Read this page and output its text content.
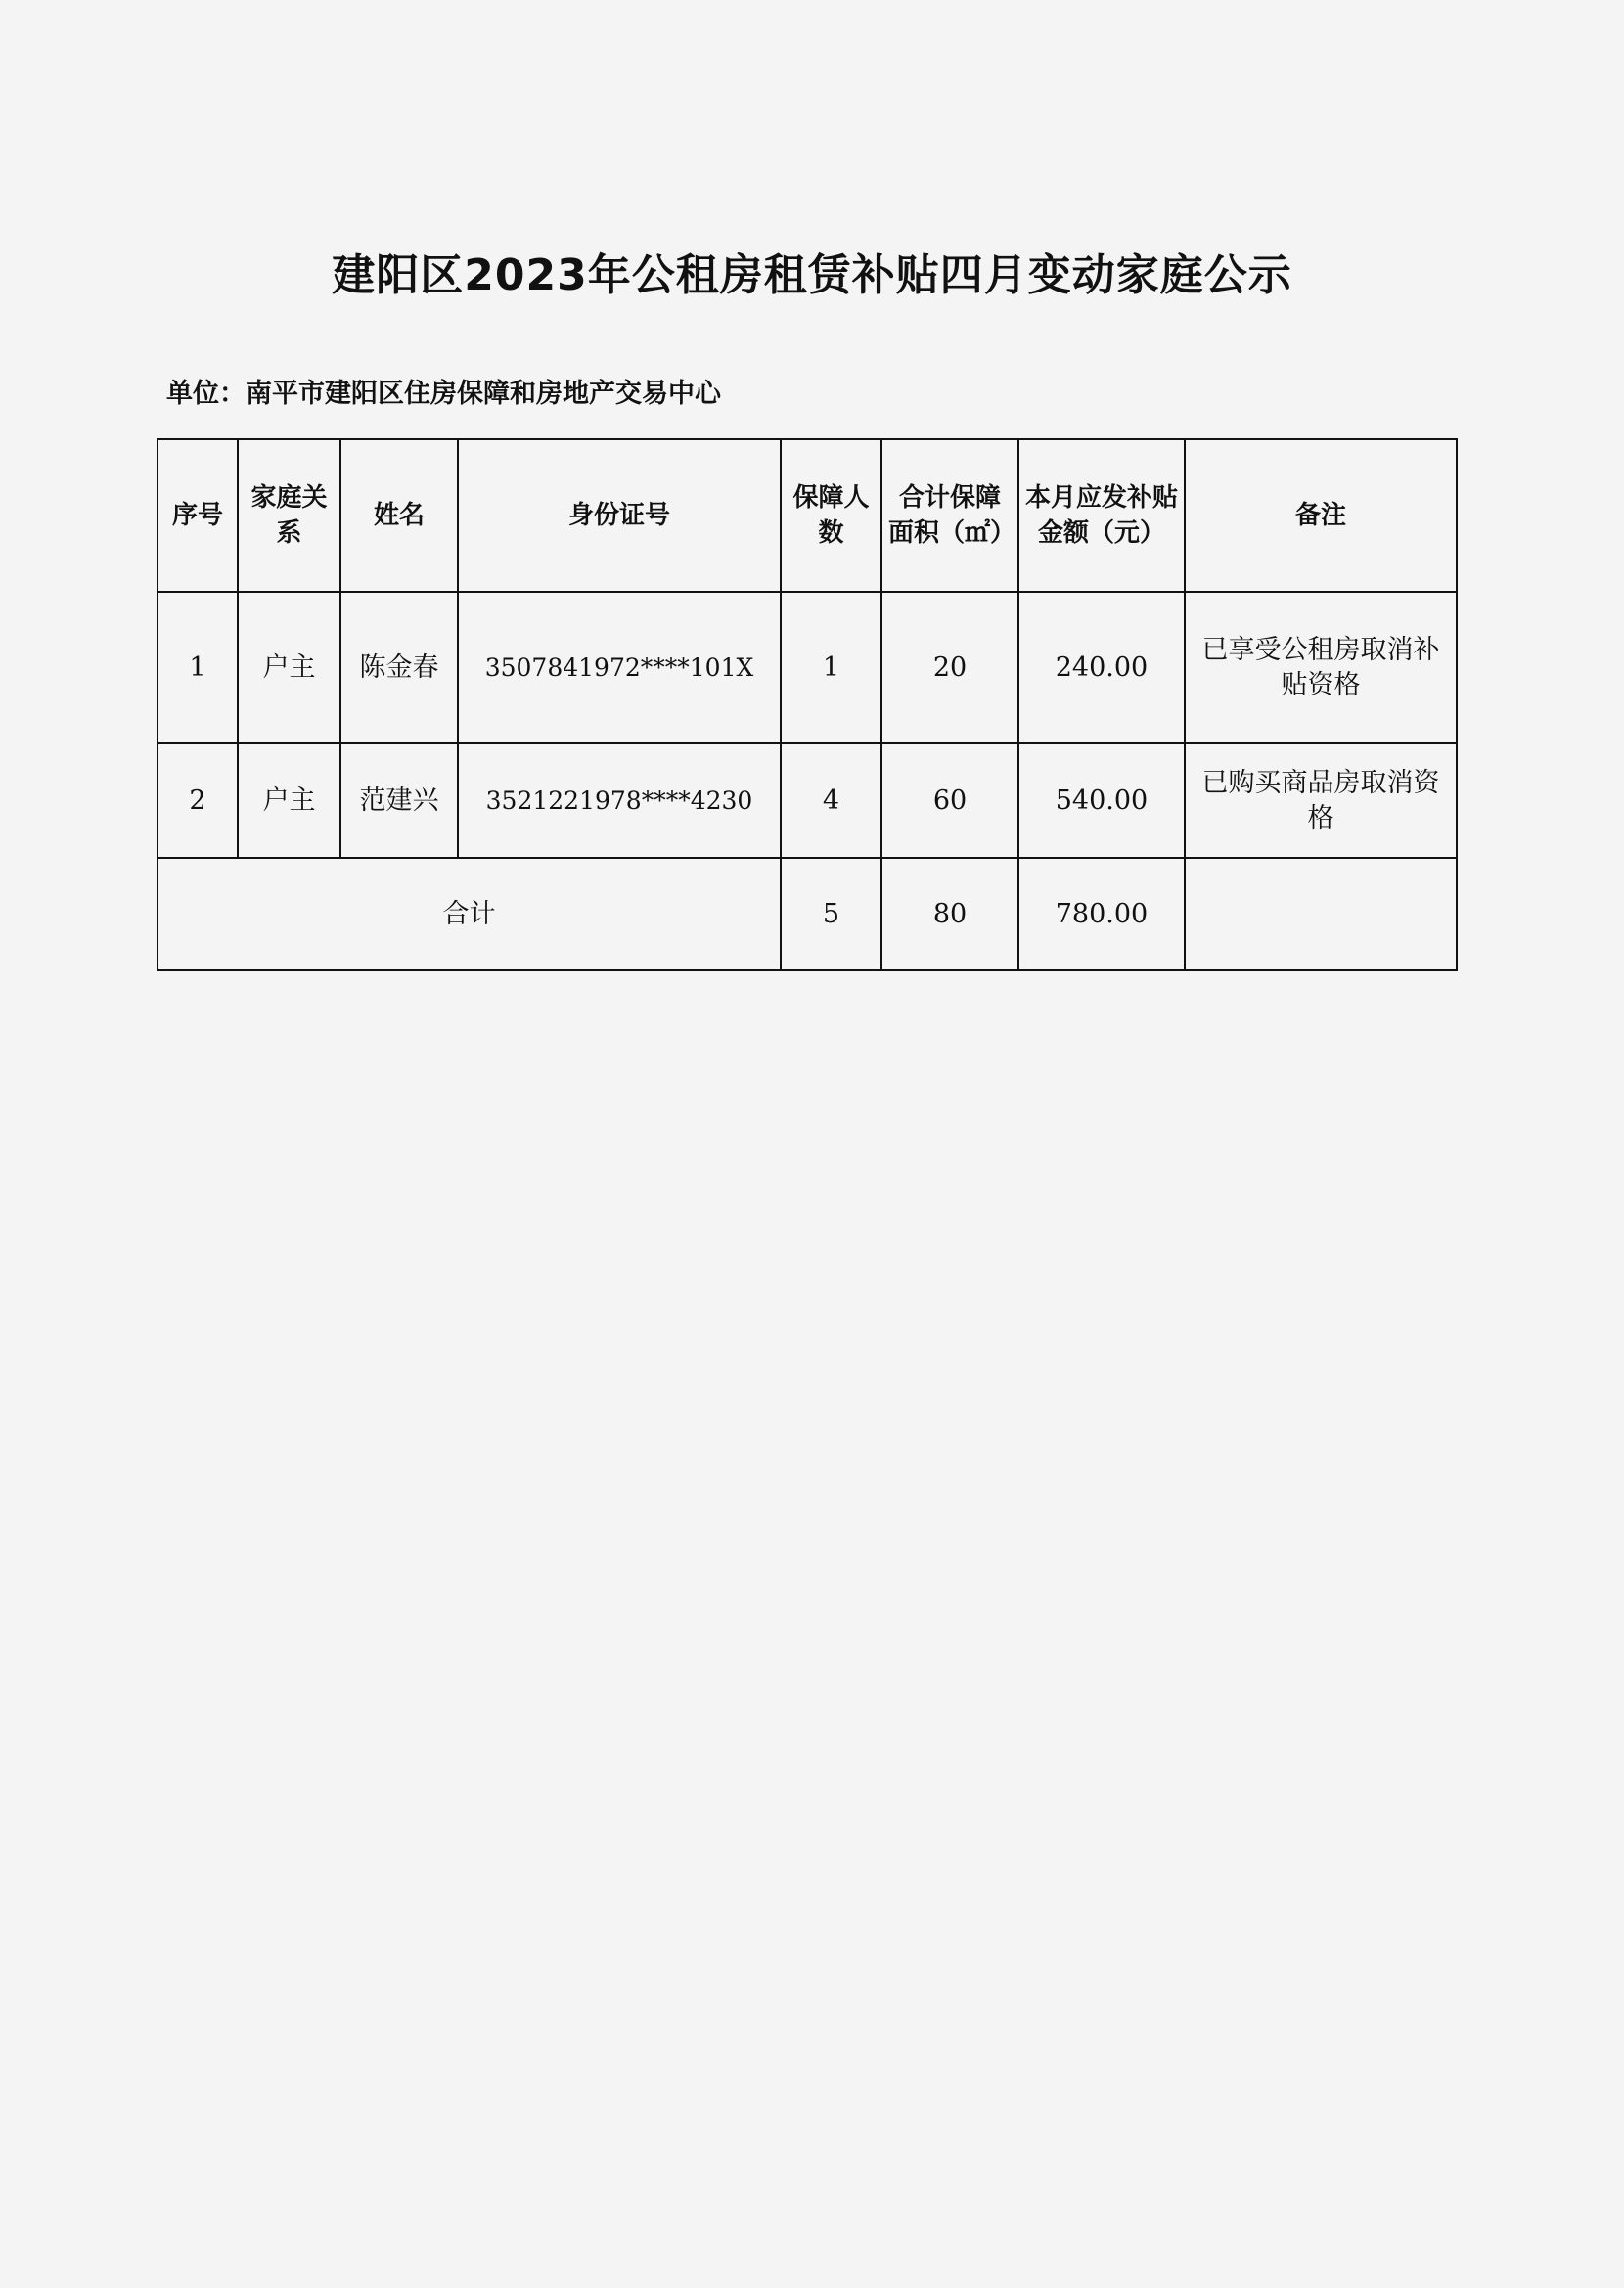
建阳区2023年公租房租赁补贴四月变动家庭公示
单位：南平市建阳区住房保障和房地产交易中心
序号	家庭关系	姓名	身份证号	保障人数	合计保障面积（㎡）	本月应发补贴金额（元）	备注
1	户主	陈金春	3507841972****101X	1	20	240.00	已享受公租房取消补贴资格
2	户主	范建兴	3521221978****4230	4	60	540.00	已购买商品房取消资格
合计				5	80	780.00	
